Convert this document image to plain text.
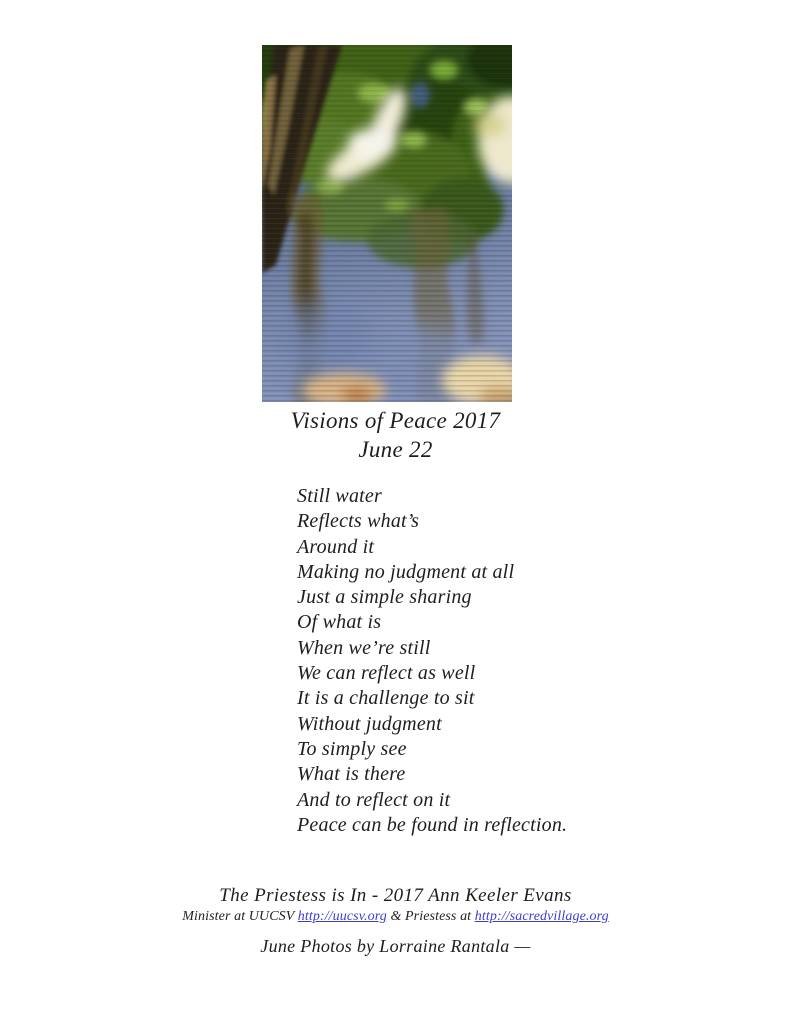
Visions of Peace 2017
June 22
Still water
Reflects what’s
Around it
Making no judgment at all
Just a simple sharing
Of what is
When we’re still
We can reflect as well
It is a challenge to sit
Without judgment
To simply see
What is there
And to reflect on it
Peace can be found in reflection.
The Priestess is In - 2017 Ann Keeler Evans
Minister at UUCSV http://uucsv.org & Priestess at http://sacredvillage.org
June Photos by Lorraine Rantala —
